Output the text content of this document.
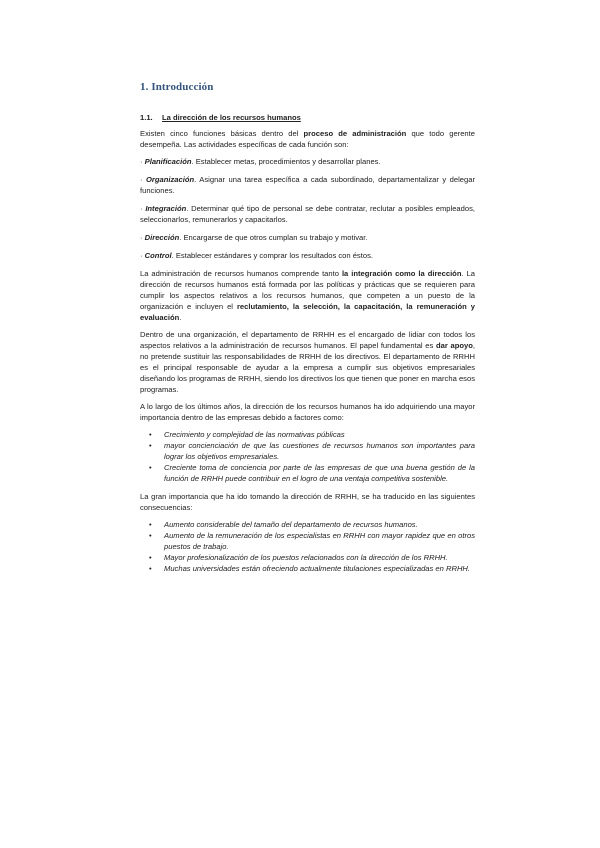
1. Introducción
1.1. La dirección de los recursos humanos

Existen cinco funciones básicas dentro del proceso de administración que todo gerente desempeña. Las actividades específicas de cada función son:

· Planificación. Establecer metas, procedimientos y desarrollar planes.

· Organización. Asignar una tarea específica a cada subordinado, departamentalizar y delegar funciones.

· Integración. Determinar qué tipo de personal se debe contratar, reclutar a posibles empleados, seleccionarlos, remunerarlos y capacitarlos.

· Dirección. Encargarse de que otros cumplan su trabajo y motivar.

· Control. Establecer estándares y comprar los resultados con éstos.

La administración de recursos humanos comprende tanto la integración como la dirección. La dirección de recursos humanos está formada por las políticas y prácticas que se requieren para cumplir los aspectos relativos a los recursos humanos, que competen a un puesto de la organización e incluyen el reclutamiento, la selección, la capacitación, la remuneración y evaluación.

Dentro de una organización, el departamento de RRHH es el encargado de lidiar con todos los aspectos relativos a la administración de recursos humanos. El papel fundamental es dar apoyo, no pretende sustituir las responsabilidades de RRHH de los directivos. El departamento de RRHH es el principal responsable de ayudar a la empresa a cumplir sus objetivos empresariales diseñando los programas de RRHH, siendo los directivos los que tienen que poner en marcha esos programas.

A lo largo de los últimos años, la dirección de los recursos humanos ha ido adquiriendo una mayor importancia dentro de las empresas debido a factores como:

• Crecimiento y complejidad de las normativas públicas
• mayor concienciación de que las cuestiones de recursos humanos son importantes para lograr los objetivos empresariales.
• Creciente toma de conciencia por parte de las empresas de que una buena gestión de la función de RRHH puede contribuir en el logro de una ventaja competitiva sostenible.

La gran importancia que ha ido tomando la dirección de RRHH, se ha traducido en las siguientes consecuencias:

• Aumento considerable del tamaño del departamento de recursos humanos.
• Aumento de la remuneración de los especialistas en RRHH con mayor rapidez que en otros puestos de trabajo.
• Mayor profesionalización de los puestos relacionados con la dirección de los RRHH.
• Muchas universidades están ofreciendo actualmente titulaciones especializadas en RRHH.
